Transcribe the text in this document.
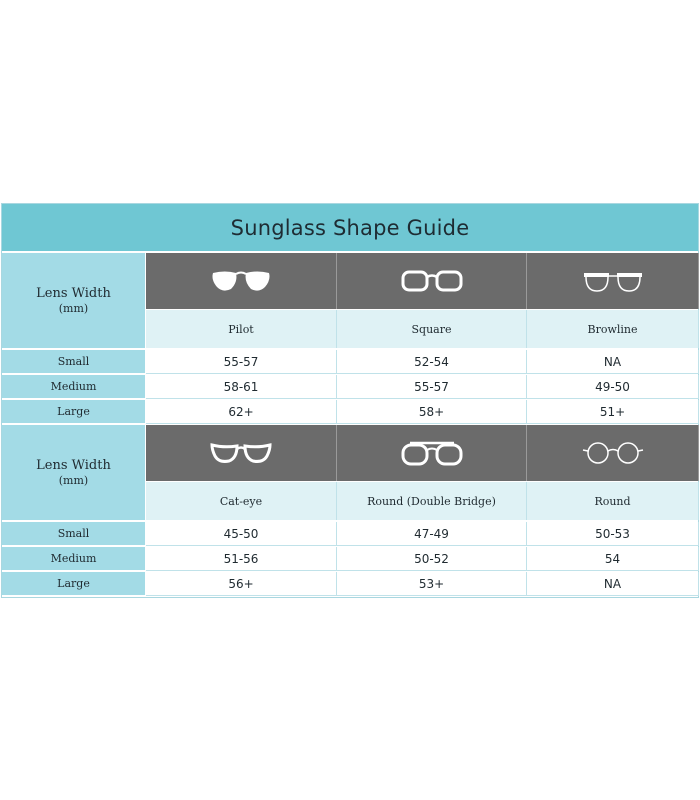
Sunglass Shape Guide
Lens Width
(mm)
Pilot	Square	Browline
Small	55-57	52-54	NA
Medium	58-61	55-57	49-50
Large	62+	58+	51+
Lens Width
(mm)
Cat-eye	Round (Double Bridge)	Round
Small	45-50	47-49	50-53
Medium	51-56	50-52	54
Large	56+	53+	NA
